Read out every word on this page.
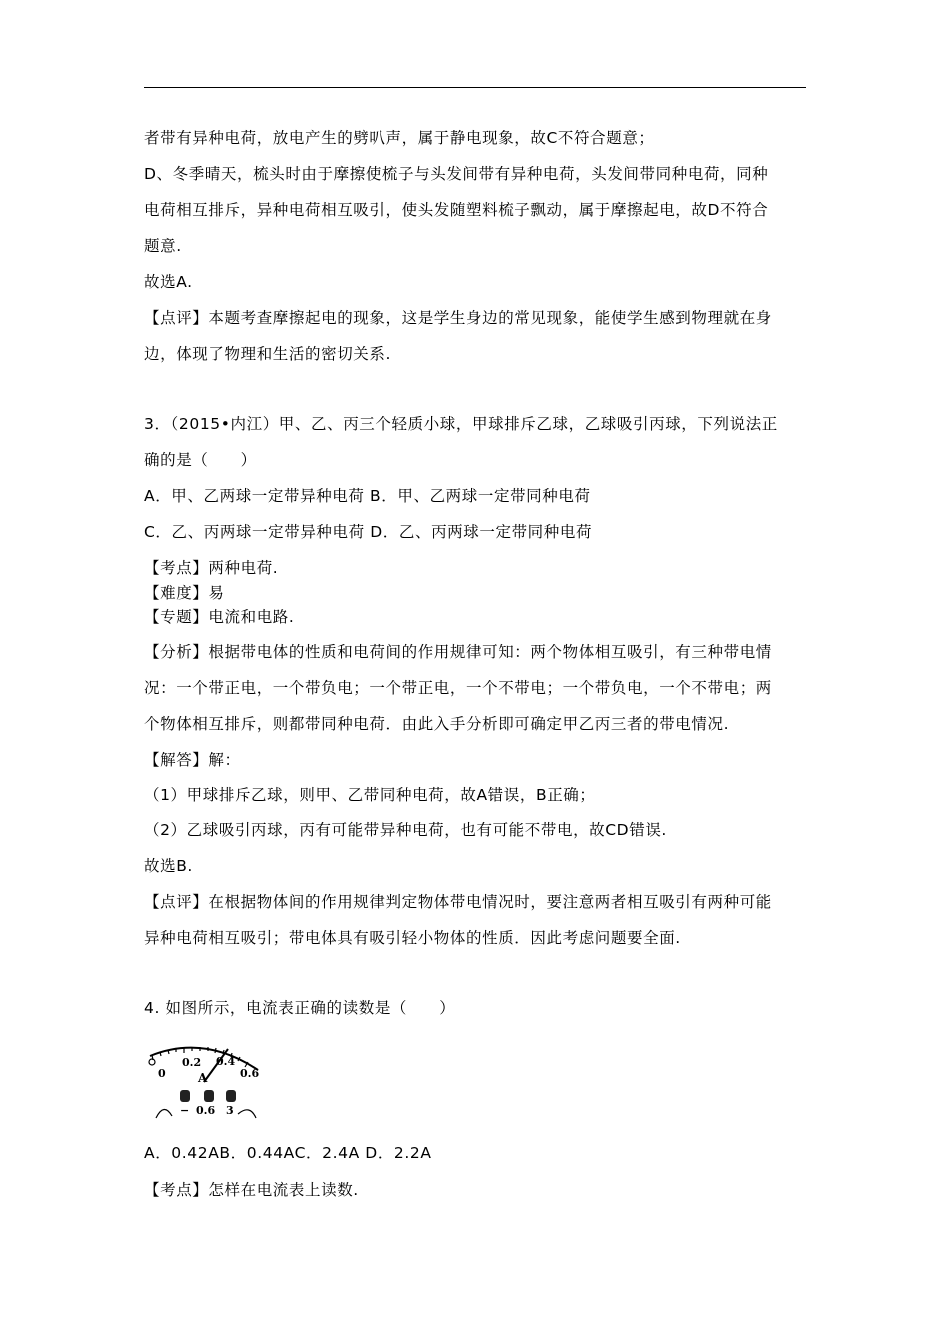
者带有异种电荷，放电产生的劈叭声，属于静电现象，故C不符合题意；
D、冬季晴天，梳头时由于摩擦使梳子与头发间带有异种电荷，头发间带同种电荷，同种
电荷相互排斥，异种电荷相互吸引，使头发随塑料梳子飘动，属于摩擦起电，故D不符合
题意.
故选A.
【点评】本题考查摩擦起电的现象，这是学生身边的常见现象，能使学生感到物理就在身
边，体现了物理和生活的密切关系.
3．（2015•内江）甲、乙、丙三个轻质小球，甲球排斥乙球，乙球吸引丙球，下列说法正
确的是（　　）
A．甲、乙两球一定带异种电荷 B．甲、乙两球一定带同种电荷
C．乙、丙两球一定带异种电荷 D．乙、丙两球一定带同种电荷
【考点】两种电荷.
【难度】易
【专题】电流和电路.
【分析】根据带电体的性质和电荷间的作用规律可知：两个物体相互吸引，有三种带电情
况：一个带正电，一个带负电；一个带正电，一个不带电；一个带负电，一个不带电；两
个物体相互排斥，则都带同种电荷．由此入手分析即可确定甲乙丙三者的带电情况.
【解答】解：
（1）甲球排斥乙球，则甲、乙带同种电荷，故A错误，B正确；
（2）乙球吸引丙球，丙有可能带异种电荷，也有可能不带电，故CD错误.
故选B.
【点评】在根据物体间的作用规律判定物体带电情况时，要注意两者相互吸引有两种可能
异种电荷相互吸引；带电体具有吸引轻小物体的性质．因此考虑问题要全面.
4. 如图所示，电流表正确的读数是（　　）
0
0.2 0.4
0.6
A
− 0.6 3
A．0.42AB．0.44AC．2.4A D．2.2A
【考点】怎样在电流表上读数.
